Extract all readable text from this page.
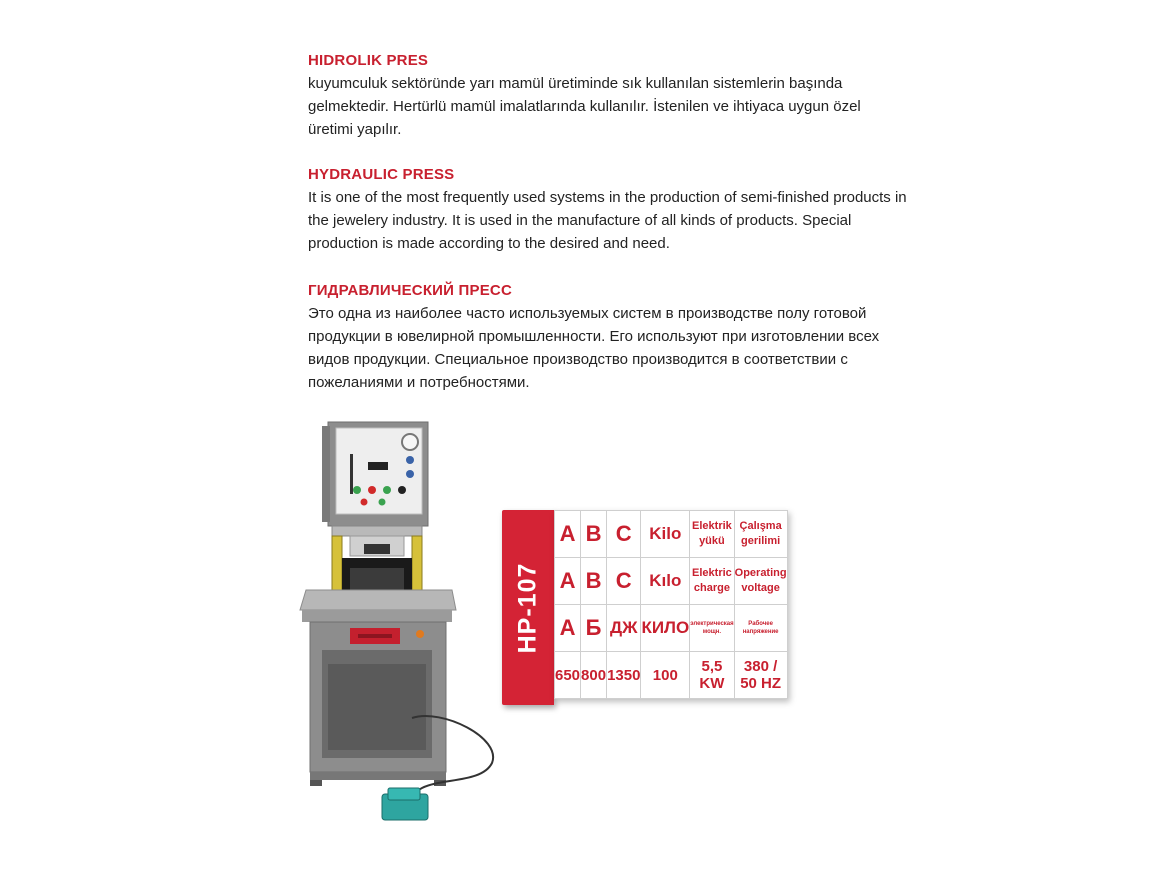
HIDROLIK PRES

kuyumculuk sektöründe yarı mamül üretiminde sık kullanılan sistemlerin başında gelmektedir. Hertürlü mamül imalatlarında kullanılır. İstenilen ve ihtiyaca uygun özel üretimi yapılır.

HYDRAULIC PRESS

It is one of the most frequently used systems in the production of semi-finished products in the jewelery industry. It is used in the manufacture of all kinds of products. Special production is made according to the desired and need.

ГИДРАВЛИЧЕСКИЙ ПРЕСС

Это одна из наиболее часто используемых систем в производстве полу готовой продукции в ювелирной промышленности. Его используют при изготовлении всех видов продукции. Специальное производство производится в соответствии с пожеланиями и потребностями.

HP-107
A	B	C	Kilo	Elektrik yükü	Çalışma gerilimi
A	B	C	Kılo	Elektric charge	Operating voltage
А	Б	ДЖ	КИЛО	электрическая мощн.	Рабочее напряжение
650	800	1350	100	5,5 KW	380 / 50 HZ
